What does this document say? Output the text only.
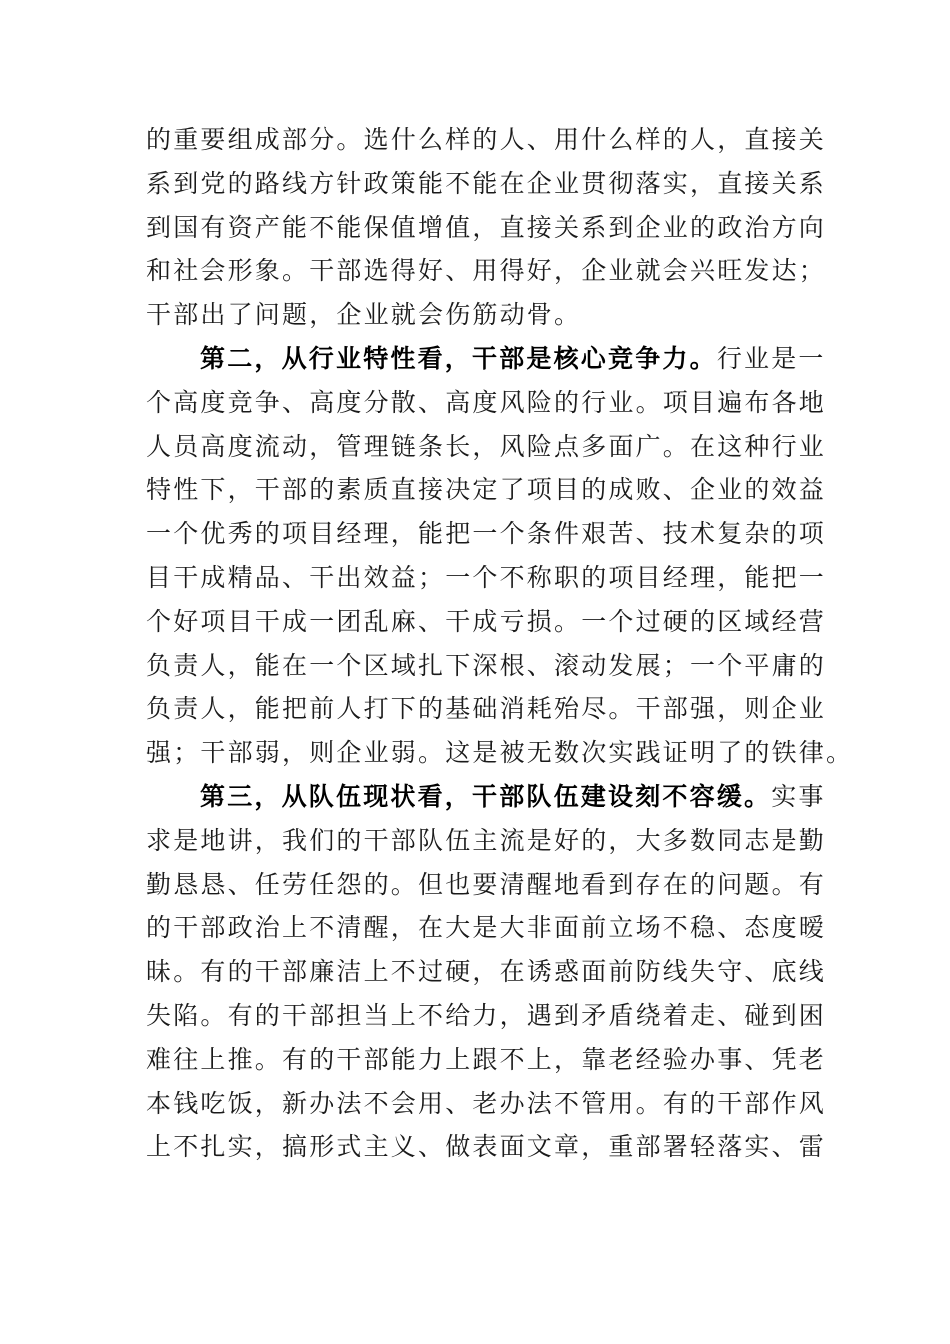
的重要组成部分。选什么样的人、用什么样的人，直接关
系到党的路线方针政策能不能在企业贯彻落实，直接关系
到国有资产能不能保值增值，直接关系到企业的政治方向
和社会形象。干部选得好、用得好，企业就会兴旺发达；
干部出了问题，企业就会伤筋动骨。
第二，从行业特性看，干部是核心竞争力。行业是一
个高度竞争、高度分散、高度风险的行业。项目遍布各地
人员高度流动，管理链条长，风险点多面广。在这种行业
特性下，干部的素质直接决定了项目的成败、企业的效益
一个优秀的项目经理，能把一个条件艰苦、技术复杂的项
目干成精品、干出效益；一个不称职的项目经理，能把一
个好项目干成一团乱麻、干成亏损。一个过硬的区域经营
负责人，能在一个区域扎下深根、滚动发展；一个平庸的
负责人，能把前人打下的基础消耗殆尽。干部强，则企业
强；干部弱，则企业弱。这是被无数次实践证明了的铁律。
第三，从队伍现状看，干部队伍建设刻不容缓。实事
求是地讲，我们的干部队伍主流是好的，大多数同志是勤
勤恳恳、任劳任怨的。但也要清醒地看到存在的问题。有
的干部政治上不清醒，在大是大非面前立场不稳、态度暧
昧。有的干部廉洁上不过硬，在诱惑面前防线失守、底线
失陷。有的干部担当上不给力，遇到矛盾绕着走、碰到困
难往上推。有的干部能力上跟不上，靠老经验办事、凭老
本钱吃饭，新办法不会用、老办法不管用。有的干部作风
上不扎实，搞形式主义、做表面文章，重部署轻落实、雷
